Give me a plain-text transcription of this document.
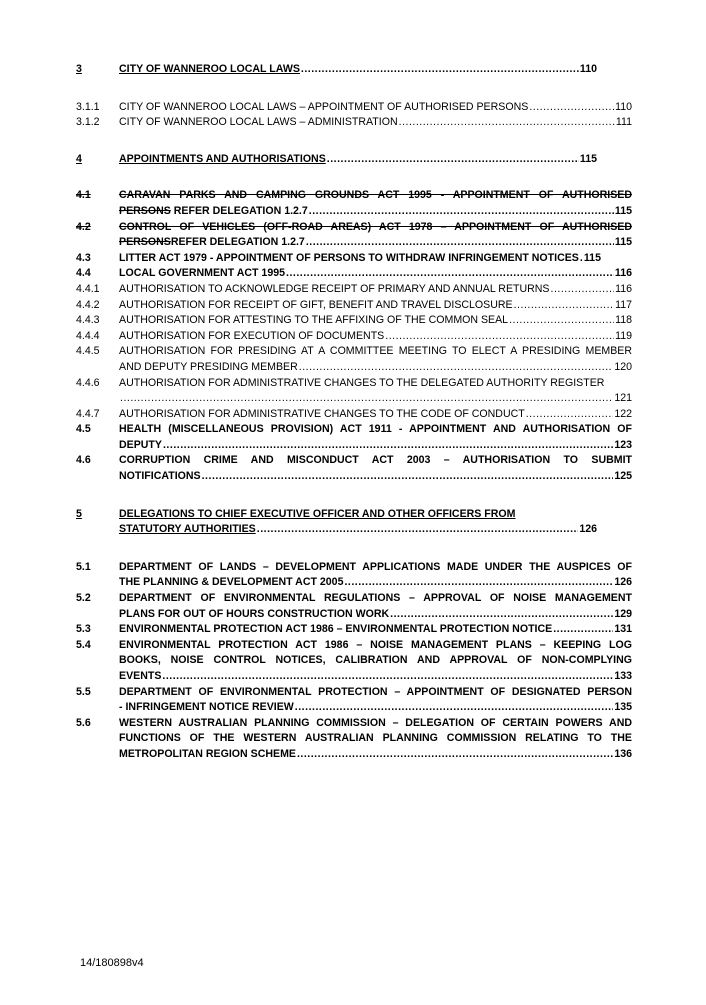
3	CITY OF WANNEROO LOCAL LAWS .....	110
3.1.1	CITY OF WANNEROO LOCAL LAWS – APPOINTMENT OF AUTHORISED PERSONS .....	110
3.1.2	CITY OF WANNEROO LOCAL LAWS – ADMINISTRATION .....	111
4	APPOINTMENTS AND AUTHORISATIONS .....	115
4.1	CARAVAN PARKS AND CAMPING GROUNDS ACT 1995 - APPOINTMENT OF AUTHORISED
PERSONS REFER DELEGATION 1.2.7 .....	115
4.2	CONTROL OF VEHICLES (OFF-ROAD AREAS) ACT 1978 – APPOINTMENT OF AUTHORISED
PERSONSREFER DELEGATION 1.2.7 .....	115
4.3	LITTER ACT 1979 - APPOINTMENT OF PERSONS TO WITHDRAW INFRINGEMENT NOTICES ..... 115
4.4	LOCAL GOVERNMENT ACT 1995 .....	116
4.4.1	AUTHORISATION TO ACKNOWLEDGE RECEIPT OF PRIMARY AND ANNUAL RETURNS .....	116
4.4.2	AUTHORISATION FOR RECEIPT OF GIFT, BENEFIT AND TRAVEL DISCLOSURE .....	117
4.4.3	AUTHORISATION FOR ATTESTING TO THE AFFIXING OF THE COMMON SEAL .....	118
4.4.4	AUTHORISATION FOR EXECUTION OF DOCUMENTS .....	119
4.4.5	AUTHORISATION FOR PRESIDING AT A COMMITTEE MEETING TO ELECT A PRESIDING MEMBER
AND DEPUTY PRESIDING MEMBER .....	120
4.4.6	AUTHORISATION FOR ADMINISTRATIVE CHANGES TO THE DELEGATED AUTHORITY REGISTER
.....
121
4.4.7	AUTHORISATION FOR ADMINISTRATIVE CHANGES TO THE CODE OF CONDUCT .....	122
4.5	HEALTH (MISCELLANEOUS PROVISION) ACT 1911 - APPOINTMENT AND AUTHORISATION OF
DEPUTY .....	123
4.6	CORRUPTION CRIME AND MISCONDUCT ACT 2003 – AUTHORISATION TO SUBMIT
NOTIFICATIONS .....	125
5	DELEGATIONS TO CHIEF EXECUTIVE OFFICER AND OTHER OFFICERS FROM
STATUTORY AUTHORITIES .....	126
5.1	DEPARTMENT OF LANDS – DEVELOPMENT APPLICATIONS MADE UNDER THE AUSPICES OF
THE PLANNING & DEVELOPMENT ACT 2005 .....	126
5.2	DEPARTMENT OF ENVIRONMENTAL REGULATIONS – APPROVAL OF NOISE MANAGEMENT
PLANS FOR OUT OF HOURS CONSTRUCTION WORK .....	129
5.3	ENVIRONMENTAL PROTECTION ACT 1986 – ENVIRONMENTAL PROTECTION NOTICE .....	131
5.4	ENVIRONMENTAL PROTECTION ACT 1986 – NOISE MANAGEMENT PLANS – KEEPING LOG
BOOKS, NOISE CONTROL NOTICES, CALIBRATION AND APPROVAL OF NON-COMPLYING
EVENTS .....	133
5.5	DEPARTMENT OF ENVIRONMENTAL PROTECTION – APPOINTMENT OF DESIGNATED PERSON
- INFRINGEMENT NOTICE REVIEW .....	135
5.6	WESTERN AUSTRALIAN PLANNING COMMISSION – DELEGATION OF CERTAIN POWERS AND
FUNCTIONS OF THE WESTERN AUSTRALIAN PLANNING COMMISSION RELATING TO THE
METROPOLITAN REGION SCHEME .....	136
14/180898v4
